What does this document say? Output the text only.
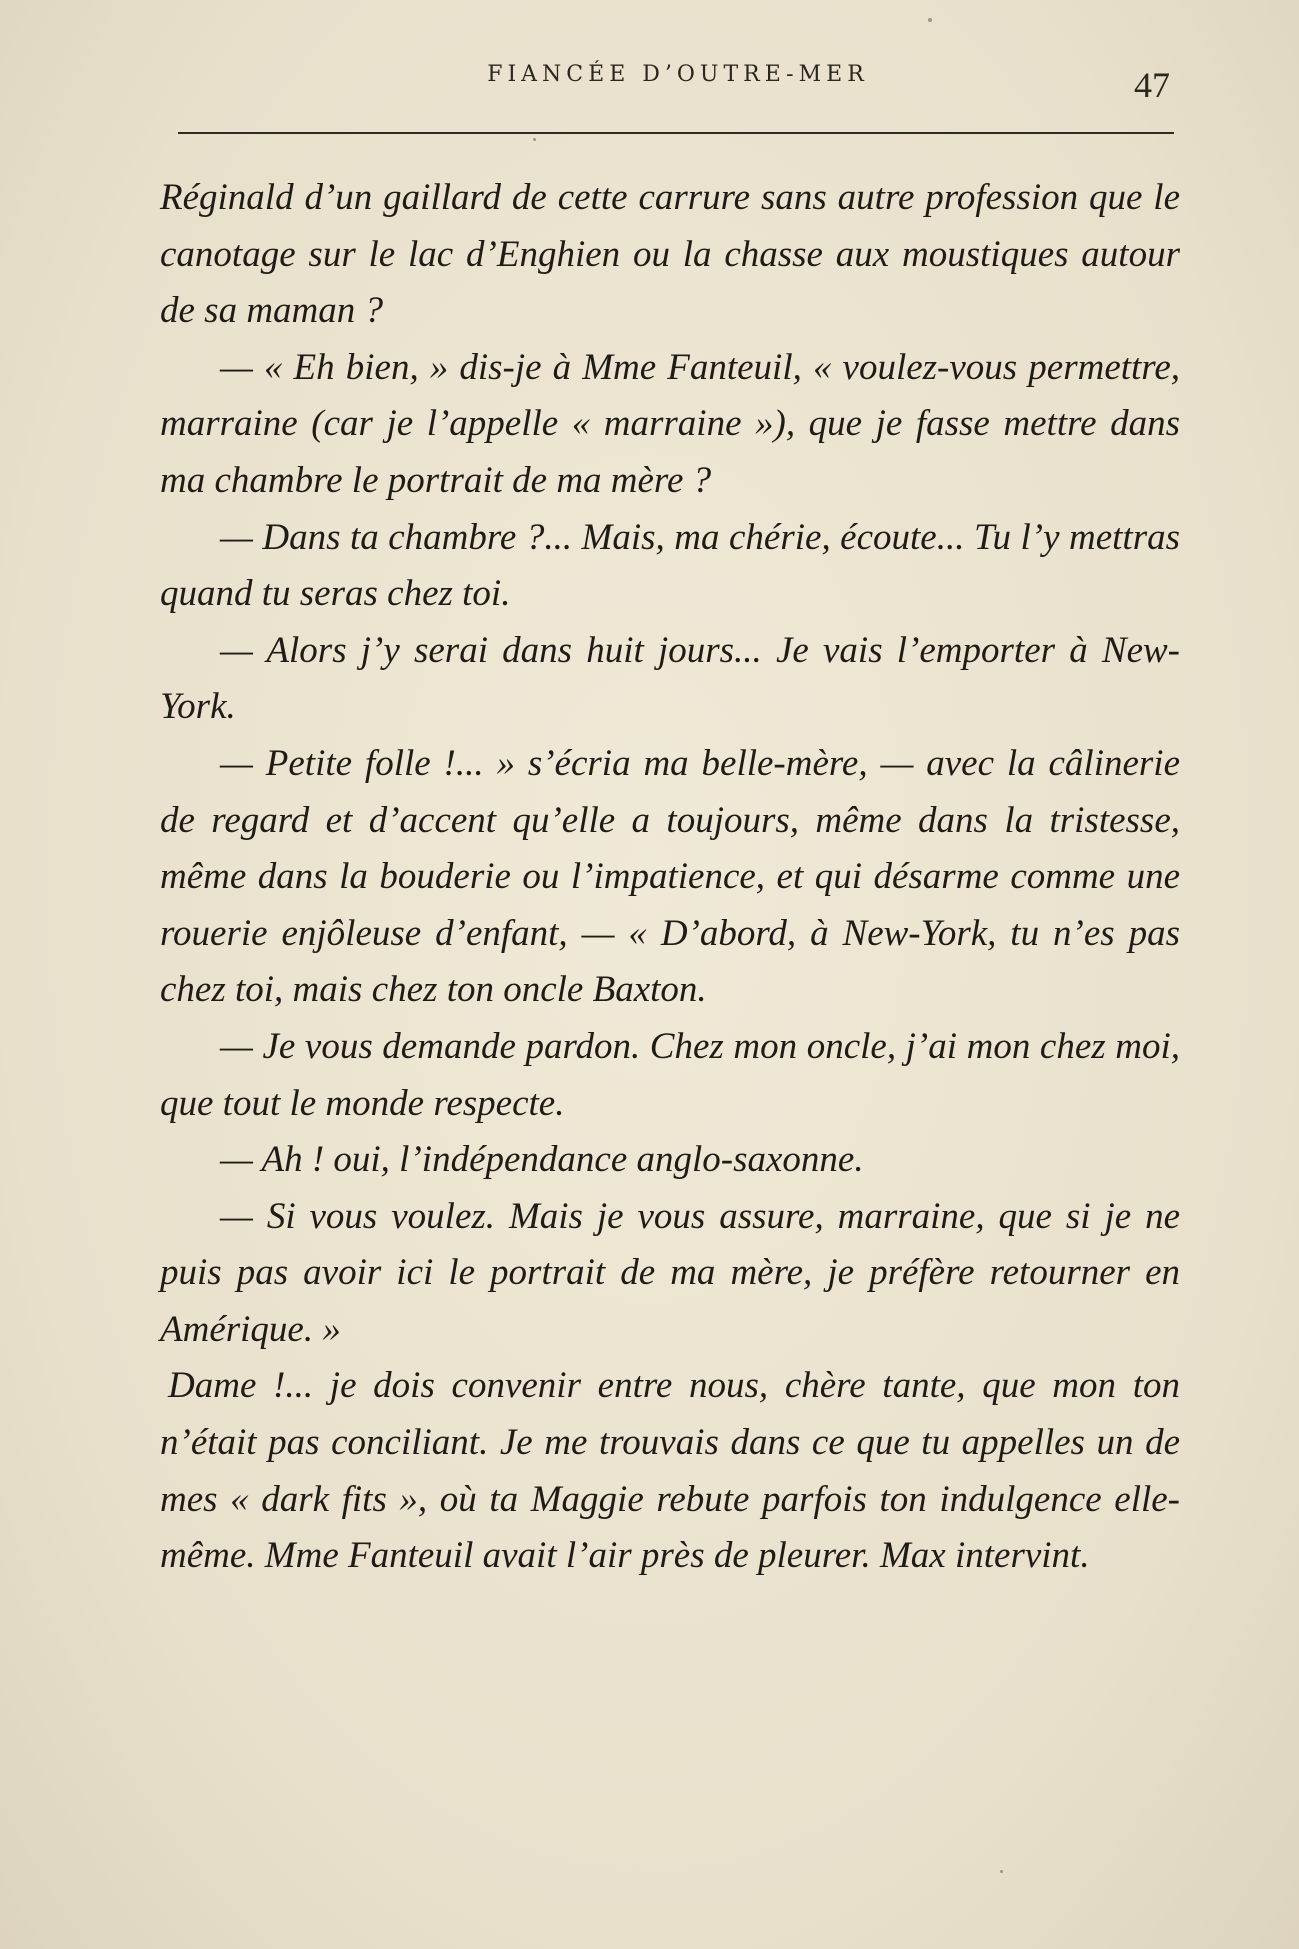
FIANCÉE D’OUTRE-MER	47

Réginald d’un gaillard de cette carrure sans autre profession que le canotage sur le lac d’Enghien ou la chasse aux moustiques autour de sa maman ?

— « Eh bien, » dis-je à Mme Fanteuil, « voulez-vous permettre, marraine (car je l’appelle « marraine »), que je fasse mettre dans ma chambre le portrait de ma mère ?

— Dans ta chambre ?... Mais, ma chérie, écoute... Tu l’y mettras quand tu seras chez toi.

— Alors j’y serai dans huit jours... Je vais l’emporter à New-York.

— Petite folle !... » s’écria ma belle-mère, — avec la câlinerie de regard et d’accent qu’elle a toujours, même dans la tristesse, même dans la bouderie ou l’impatience, et qui désarme comme une rouerie enjôleuse d’enfant, — « D’abord, à New-York, tu n’es pas chez toi, mais chez ton oncle Baxton.

— Je vous demande pardon. Chez mon oncle, j’ai mon chez moi, que tout le monde respecte.

— Ah ! oui, l’indépendance anglo-saxonne.

— Si vous voulez. Mais je vous assure, marraine, que si je ne puis pas avoir ici le portrait de ma mère, je préfère retourner en Amérique. »

Dame !... je dois convenir entre nous, chère tante, que mon ton n’était pas conciliant. Je me trouvais dans ce que tu appelles un de mes « dark fits », où ta Maggie rebute parfois ton indulgence elle-même. Mme Fanteuil avait l’air près de pleurer. Max intervint.
